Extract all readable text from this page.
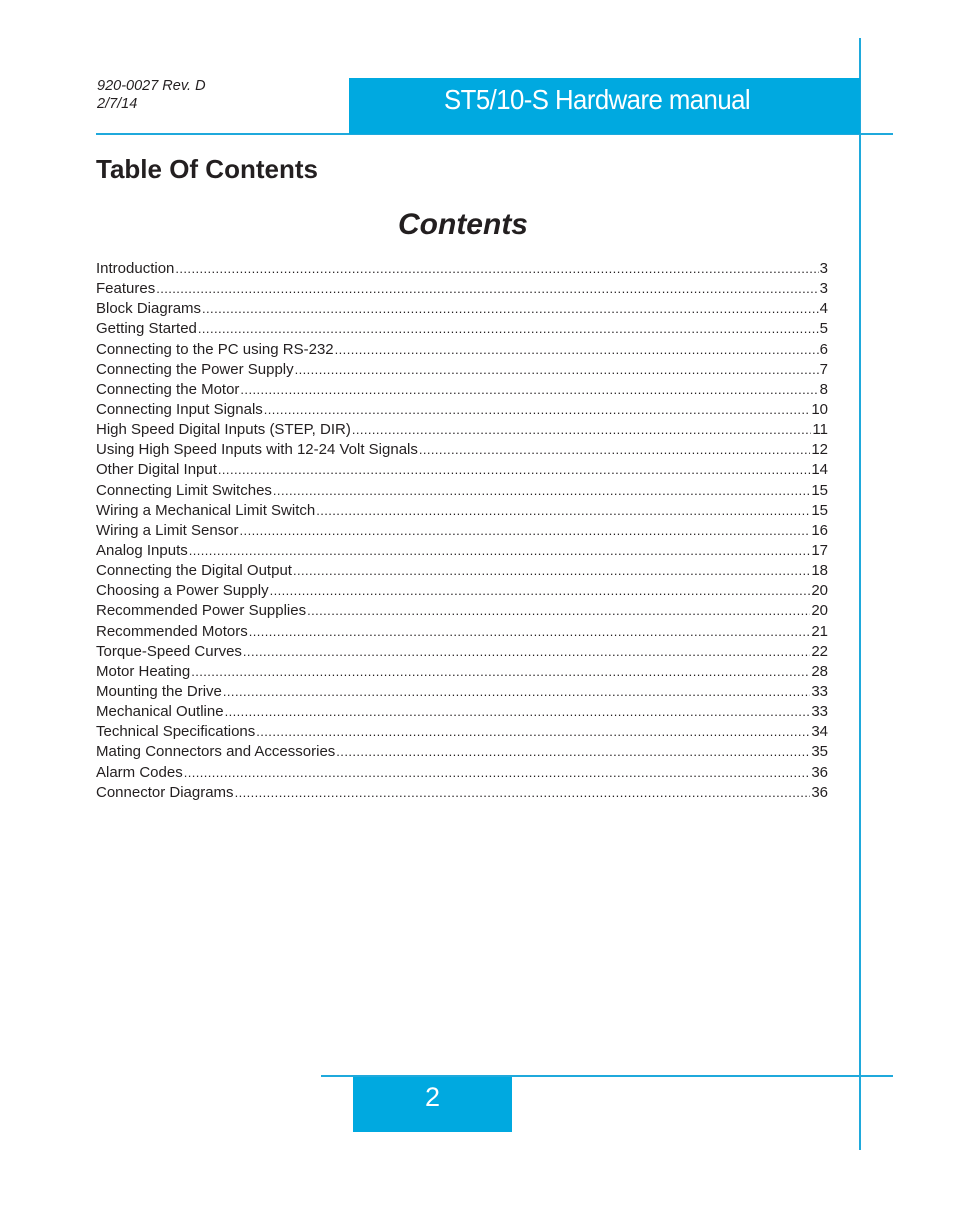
920-0027 Rev. D
2/7/14	ST5/10-S Hardware manual
Table Of Contents
Contents
Introduction .....	3
Features .....	3
Block Diagrams .....	4
Getting Started .....	5
Connecting to the PC using RS-232 .....	6
Connecting the Power Supply .....	7
Connecting the Motor .....	8
Connecting Input Signals .....	10
High Speed Digital Inputs (STEP, DIR) .....	11
Using High Speed Inputs with 12-24 Volt Signals .....	12
Other Digital Input .....	14
Connecting Limit Switches .....	15
Wiring a Mechanical Limit Switch .....	15
Wiring a Limit Sensor .....	16
Analog Inputs .....	17
Connecting the Digital Output .....	18
Choosing a Power Supply .....	20
Recommended Power Supplies .....	20
Recommended Motors .....	21
Torque-Speed Curves .....	22
Motor Heating .....	28
Mounting the Drive .....	33
Mechanical Outline .....	33
Technical Specifications .....	34
Mating Connectors and Accessories .....	35
Alarm Codes .....	36
Connector Diagrams .....	36
2
